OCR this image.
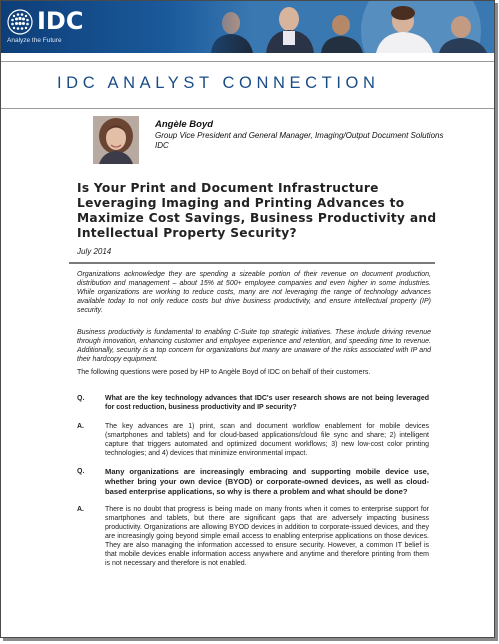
IDC
Analyze the Future
IDC ANALYST CONNECTION
Angèle Boyd
Group Vice President and General Manager, Imaging/Output Document Solutions
IDC
Is Your Print and Document Infrastructure Leveraging Imaging and Printing Advances to Maximize Cost Savings, Business Productivity and Intellectual Property Security?
July 2014
Organizations acknowledge they are spending a sizeable portion of their revenue on document production, distribution and management – about 15% at 500+ employee companies and even higher in some industries. While organizations are working to reduce costs, many are not leveraging the range of technology advances available today to not only reduce costs but drive business productivity, and ensure intellectual property (IP) security.
Business productivity is fundamental to enabling C-Suite top strategic initiatives. These include driving revenue through innovation, enhancing customer and employee experience and retention, and speeding time to revenue. Additionally, security is a top concern for organizations but many are unaware of the risks associated with IP and their hardcopy equipment.
The following questions were posed by HP to Angèle Boyd of IDC on behalf of their customers.
Q.	What are the key technology advances that IDC's user research shows are not being leveraged for cost reduction, business productivity and IP security?
A.	The key advances are 1) print, scan and document workflow enablement for mobile devices (smartphones and tablets) and for cloud-based applications/cloud file sync and share; 2) intelligent capture that triggers automated and optimized document workflows; 3) new low-cost color printing technologies; and 4) devices that minimize environmental impact.
Q.	Many organizations are increasingly embracing and supporting mobile device use, whether bring your own device (BYOD) or corporate-owned devices, as well as cloud-based enterprise applications, so why is there a problem and what should be done?
A.	There is no doubt that progress is being made on many fronts when it comes to enterprise support for smartphones and tablets, but there are significant gaps that are adversely impacting business productivity. Organizations are allowing BYOD devices in addition to corporate-issued devices, and they are increasingly going beyond simple email access to enabling enterprise applications on those devices. They are also managing the information accessed to ensure security. However, a common IT belief is that mobile devices enable information access anywhere and anytime and therefore printing from them is not necessary and therefore is not enabled.
